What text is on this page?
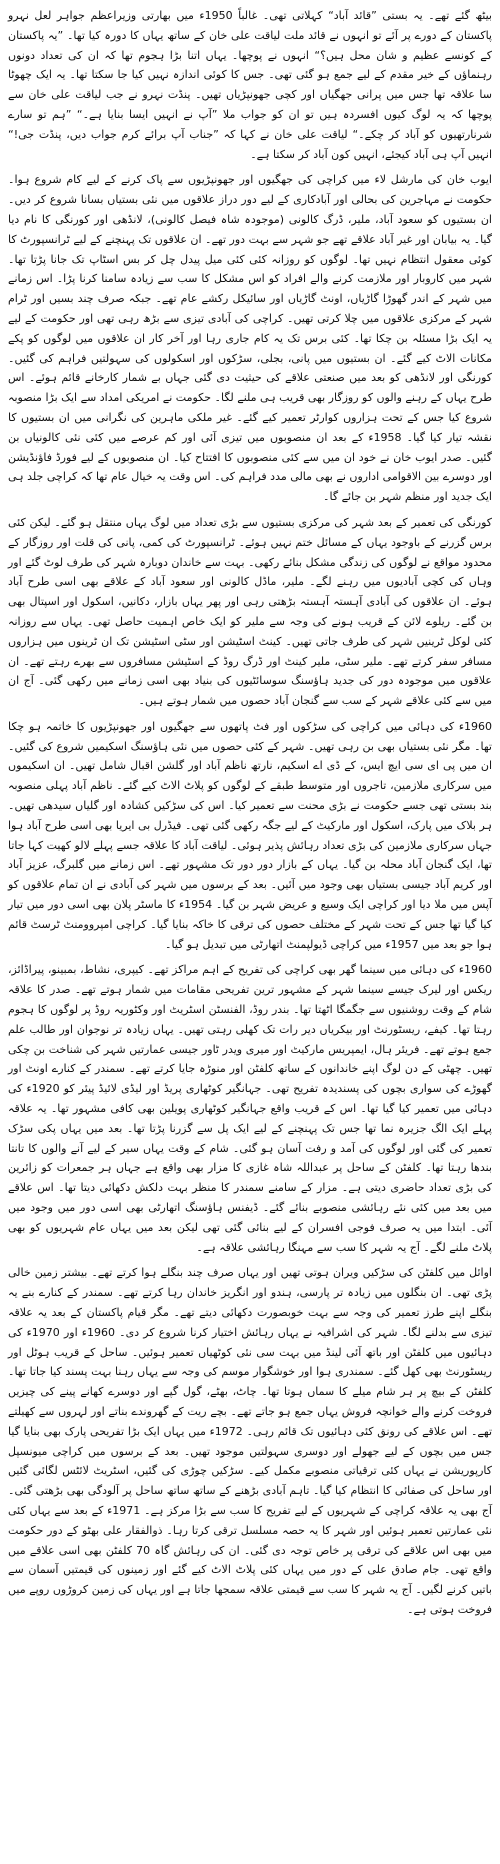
بیٹھ گئے تھے۔ یہ بستی ”قائد آباد“ کہلاتی تھی۔ غالباً 1950ء میں بھارتی وزیراعظم جواہر لعل نہرو پاکستان کے دورے پر آئے تو انہوں نے قائد ملت لیاقت علی خان کے ساتھ یہاں کا دورہ کیا تھا۔ ”یہ پاکستان کے کونسے عظیم و شان محل ہیں؟“ انہوں نے پوچھا۔ یہاں اتنا بڑا ہجوم تھا کہ ان کی تعداد دونوں رہنماؤں کے خیر مقدم کے لیے جمع ہو گئی تھی۔ جس کا کوئی اندازہ نہیں کیا جا سکتا تھا۔ یہ ایک چھوٹا سا علاقہ تھا جس میں پرانی جھگیاں اور کچی جھونپڑیاں تھیں۔ پنڈت نہرو نے جب لیاقت علی خان سے پوچھا کہ یہ لوگ کیوں افسردہ ہیں تو ان کو جواب ملا ”آپ نے انہیں ایسا بنایا ہے۔“ ”ہم تو سارے شرنارتھیوں کو آباد کر چکے۔“ لیاقت علی خان نے کہا کہ ”جناب آپ برائے کرم جواب دیں، پنڈت جی!“ انہیں آپ ہی آباد کیجئے، انہیں کون آباد کر سکتا ہے۔

ایوب خان کی مارشل لاء میں کراچی کی جھگیوں اور جھونپڑیوں سے پاک کرنے کے لیے کام شروع ہوا۔ حکومت نے مہاجرین کی بحالی اور آبادکاری کے لیے دور دراز علاقوں میں نئی بستیاں بسانا شروع کر دیں۔ ان بستیوں کو سعود آباد، ملیر، ڈرگ کالونی (موجودہ شاہ فیصل کالونی)، لانڈھی اور کورنگی کا نام دیا گیا۔ یہ بیابان اور غیر آباد علاقے تھے جو شہر سے بہت دور تھے۔ ان علاقوں تک پہنچنے کے لیے ٹرانسپورٹ کا کوئی معقول انتظام نہیں تھا۔ لوگوں کو روزانہ کئی کئی میل پیدل چل کر بس اسٹاپ تک جانا پڑتا تھا۔ شہر میں کاروبار اور ملازمت کرنے والے افراد کو اس مشکل کا سب سے زیادہ سامنا کرنا پڑا۔ اس زمانے میں شہر کے اندر گھوڑا گاڑیاں، اونٹ گاڑیاں اور سائیکل رکشے عام تھے۔ جبکہ صرف چند بسیں اور ٹرام شہر کے مرکزی علاقوں میں چلا کرتی تھیں۔ کراچی کی آبادی تیزی سے بڑھ رہی تھی اور حکومت کے لیے یہ ایک بڑا مسئلہ بن چکا تھا۔ کئی برس تک یہ کام جاری رہا اور آخر کار ان علاقوں میں لوگوں کو پکے مکانات الاٹ کیے گئے۔ ان بستیوں میں پانی، بجلی، سڑکوں اور اسکولوں کی سہولتیں فراہم کی گئیں۔ کورنگی اور لانڈھی کو بعد میں صنعتی علاقے کی حیثیت دی گئی جہاں بے شمار کارخانے قائم ہوئے۔ اس طرح یہاں کے رہنے والوں کو روزگار بھی قریب ہی ملنے لگا۔ حکومت نے امریکی امداد سے ایک بڑا منصوبہ شروع کیا جس کے تحت ہزاروں کوارٹر تعمیر کیے گئے۔ غیر ملکی ماہرین کی نگرانی میں ان بستیوں کا نقشہ تیار کیا گیا۔ 1958ء کے بعد ان منصوبوں میں تیزی آئی اور کم عرصے میں کئی نئی کالونیاں بن گئیں۔ صدر ایوب خان نے خود ان میں سے کئی منصوبوں کا افتتاح کیا۔ ان منصوبوں کے لیے فورڈ فاؤنڈیشن اور دوسرے بین الاقوامی اداروں نے بھی مالی مدد فراہم کی۔ اس وقت یہ خیال عام تھا کہ کراچی جلد ہی ایک جدید اور منظم شہر بن جائے گا۔

کورنگی کی تعمیر کے بعد شہر کی مرکزی بستیوں سے بڑی تعداد میں لوگ یہاں منتقل ہو گئے۔ لیکن کئی برس گزرنے کے باوجود یہاں کے مسائل ختم نہیں ہوئے۔ ٹرانسپورٹ کی کمی، پانی کی قلت اور روزگار کے محدود مواقع نے لوگوں کی زندگی مشکل بنائے رکھی۔ بہت سے خاندان دوبارہ شہر کی طرف لوٹ گئے اور وہاں کی کچی آبادیوں میں رہنے لگے۔ ملیر، ماڈل کالونی اور سعود آباد کے علاقے بھی اسی طرح آباد ہوئے۔ ان علاقوں کی آبادی آہستہ آہستہ بڑھتی رہی اور پھر یہاں بازار، دکانیں، اسکول اور اسپتال بھی بن گئے۔ ریلوے لائن کے قریب ہونے کی وجہ سے ملیر کو ایک خاص اہمیت حاصل تھی۔ یہاں سے روزانہ کئی لوکل ٹرینیں شہر کی طرف جاتی تھیں۔ کینٹ اسٹیشن اور سٹی اسٹیشن تک ان ٹرینوں میں ہزاروں مسافر سفر کرتے تھے۔ ملیر سٹی، ملیر کینٹ اور ڈرگ روڈ کے اسٹیشن مسافروں سے بھرے رہتے تھے۔ ان علاقوں میں موجودہ دور کی جدید ہاؤسنگ سوسائٹیوں کی بنیاد بھی اسی زمانے میں رکھی گئی۔ آج ان میں سے کئی علاقے شہر کے سب سے گنجان آباد حصوں میں شمار ہوتے ہیں۔

1960ء کی دہائی میں کراچی کی سڑکوں اور فٹ پاتھوں سے جھگیوں اور جھونپڑیوں کا خاتمہ ہو چکا تھا۔ مگر نئی بستیاں بھی بن رہی تھیں۔ شہر کے کئی حصوں میں نئی ہاؤسنگ اسکیمیں شروع کی گئیں۔ ان میں پی ای سی ایچ ایس، کے ڈی اے اسکیم، نارتھ ناظم آباد اور گلشن اقبال شامل تھیں۔ ان اسکیموں میں سرکاری ملازمین، تاجروں اور متوسط طبقے کے لوگوں کو پلاٹ الاٹ کیے گئے۔ ناظم آباد پہلی منصوبہ بند بستی تھی جسے حکومت نے بڑی محنت سے تعمیر کیا۔ اس کی سڑکیں کشادہ اور گلیاں سیدھی تھیں۔ ہر بلاک میں پارک، اسکول اور مارکیٹ کے لیے جگہ رکھی گئی تھی۔ فیڈرل بی ایریا بھی اسی طرح آباد ہوا جہاں سرکاری ملازمین کی بڑی تعداد رہائش پذیر ہوئی۔ لیاقت آباد کا علاقہ جسے پہلے لالو کھیت کہا جاتا تھا، ایک گنجان آباد محلہ بن گیا۔ یہاں کے بازار دور دور تک مشہور تھے۔ اس زمانے میں گلبرگ، عزیز آباد اور کریم آباد جیسی بستیاں بھی وجود میں آئیں۔ بعد کے برسوں میں شہر کی آبادی نے ان تمام علاقوں کو آپس میں ملا دیا اور کراچی ایک وسیع و عریض شہر بن گیا۔ 1954ء کا ماسٹر پلان بھی اسی دور میں تیار کیا گیا تھا جس کے تحت شہر کے مختلف حصوں کی ترقی کا خاکہ بنایا گیا۔ کراچی امپروومنٹ ٹرسٹ قائم ہوا جو بعد میں 1957ء میں کراچی ڈیولپمنٹ اتھارٹی میں تبدیل ہو گیا۔

1960ء کی دہائی میں سینما گھر بھی کراچی کی تفریح کے اہم مراکز تھے۔ کیپری، نشاط، بمبینو، پیراڈائز، ریکس اور لیرک جیسے سینما شہر کے مشہور ترین تفریحی مقامات میں شمار ہوتے تھے۔ صدر کا علاقہ شام کے وقت روشنیوں سے جگمگا اٹھتا تھا۔ بندر روڈ، الفنسٹن اسٹریٹ اور وکٹوریہ روڈ پر لوگوں کا ہجوم رہتا تھا۔ کیفے، ریسٹورنٹ اور بیکریاں دیر رات تک کھلی رہتی تھیں۔ یہاں زیادہ تر نوجوان اور طالب علم جمع ہوتے تھے۔ فریئر ہال، ایمپریس مارکیٹ اور میری ویدر ٹاور جیسی عمارتیں شہر کی شناخت بن چکی تھیں۔ چھٹی کے دن لوگ اپنے خاندانوں کے ساتھ کلفٹن اور منوڑہ جایا کرتے تھے۔ سمندر کے کنارے اونٹ اور گھوڑے کی سواری بچوں کی پسندیدہ تفریح تھی۔ جہانگیر کوٹھاری پریڈ اور لیڈی لائیڈ پیئر کو 1920ء کی دہائی میں تعمیر کیا گیا تھا۔ اس کے قریب واقع جہانگیر کوٹھاری پویلین بھی کافی مشہور تھا۔ یہ علاقہ پہلے ایک الگ جزیرہ نما تھا جس تک پہنچنے کے لیے ایک پل سے گزرنا پڑتا تھا۔ بعد میں یہاں پکی سڑک تعمیر کی گئی اور لوگوں کی آمد و رفت آسان ہو گئی۔ شام کے وقت یہاں سیر کے لیے آنے والوں کا تانتا بندھا رہتا تھا۔ کلفٹن کے ساحل پر عبداللہ شاہ غازی کا مزار بھی واقع ہے جہاں ہر جمعرات کو زائرین کی بڑی تعداد حاضری دیتی ہے۔ مزار کے سامنے سمندر کا منظر بہت دلکش دکھائی دیتا تھا۔ اس علاقے میں بعد میں کئی نئے رہائشی منصوبے بنائے گئے۔ ڈیفنس ہاؤسنگ اتھارٹی بھی اسی دور میں وجود میں آئی۔ ابتدا میں یہ صرف فوجی افسران کے لیے بنائی گئی تھی لیکن بعد میں یہاں عام شہریوں کو بھی پلاٹ ملنے لگے۔ آج یہ شہر کا سب سے مہنگا رہائشی علاقہ ہے۔

اوائل میں کلفٹن کی سڑکیں ویران ہوتی تھیں اور یہاں صرف چند بنگلے ہوا کرتے تھے۔ بیشتر زمین خالی پڑی تھی۔ ان بنگلوں میں زیادہ تر پارسی، ہندو اور انگریز خاندان رہا کرتے تھے۔ سمندر کے کنارے بنے یہ بنگلے اپنے طرز تعمیر کی وجہ سے بہت خوبصورت دکھائی دیتے تھے۔ مگر قیام پاکستان کے بعد یہ علاقہ تیزی سے بدلنے لگا۔ شہر کی اشرافیہ نے یہاں رہائش اختیار کرنا شروع کر دی۔ 1960ء اور 1970ء کی دہائیوں میں کلفٹن اور باتھ آئی لینڈ میں بہت سی نئی کوٹھیاں تعمیر ہوئیں۔ ساحل کے قریب ہوٹل اور ریسٹورنٹ بھی کھل گئے۔ سمندری ہوا اور خوشگوار موسم کی وجہ سے یہاں رہنا بہت پسند کیا جاتا تھا۔ کلفٹن کے بیچ پر ہر شام میلے کا سماں ہوتا تھا۔ چاٹ، بھٹے، گول گپے اور دوسرے کھانے پینے کی چیزیں فروخت کرنے والے خوانچہ فروش یہاں جمع ہو جاتے تھے۔ بچے ریت کے گھروندے بناتے اور لہروں سے کھیلتے تھے۔ اس علاقے کی رونق کئی دہائیوں تک قائم رہی۔ 1972ء میں یہاں ایک بڑا تفریحی پارک بھی بنایا گیا جس میں بچوں کے لیے جھولے اور دوسری سہولتیں موجود تھیں۔ بعد کے برسوں میں کراچی میونسپل کارپوریشن نے یہاں کئی ترقیاتی منصوبے مکمل کیے۔ سڑکیں چوڑی کی گئیں، اسٹریٹ لائٹس لگائی گئیں اور ساحل کی صفائی کا انتظام کیا گیا۔ تاہم آبادی بڑھنے کے ساتھ ساتھ ساحل پر آلودگی بھی بڑھتی گئی۔ آج بھی یہ علاقہ کراچی کے شہریوں کے لیے تفریح کا سب سے بڑا مرکز ہے۔ 1971ء کے بعد سے یہاں کئی نئی عمارتیں تعمیر ہوئیں اور شہر کا یہ حصہ مسلسل ترقی کرتا رہا۔ ذوالفقار علی بھٹو کے دور حکومت میں بھی اس علاقے کی ترقی پر خاص توجہ دی گئی۔ ان کی رہائش گاہ 70 کلفٹن بھی اسی علاقے میں واقع تھی۔ جام صادق علی کے دور میں یہاں کئی پلاٹ الاٹ کیے گئے اور زمینوں کی قیمتیں آسمان سے باتیں کرنے لگیں۔ آج یہ شہر کا سب سے قیمتی علاقہ سمجھا جاتا ہے اور یہاں کی زمین کروڑوں روپے میں فروخت ہوتی ہے۔
